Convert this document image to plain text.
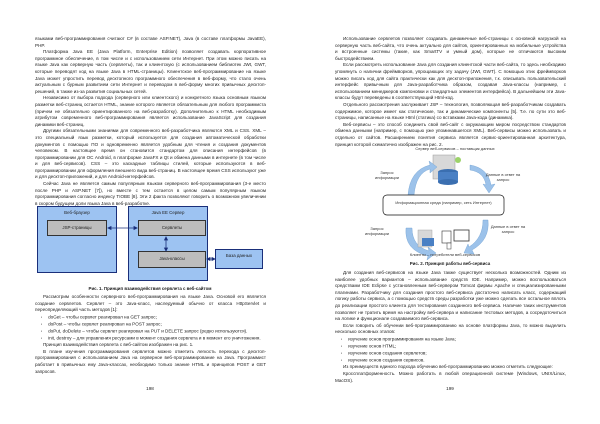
языками веб-программирования считают C# (в составе ASP.NET), Java (в составе платформы JavaEE), PHP.

Платформа Java EE (Java Platform, Enterprise Edition) позволяет создавать корпоративное программное обеспечение, в том числе и с использованием сети Интернет. При этом можно писать на языке Java как серверную часть (сервлеты), так и клиентскую (с использованием библиотек JWt, GWT, которые переводят код на языке Java в HTML-страницы). Клиентское веб-программирование на языке Java может упростить перевод десктопного программного обеспечения в веб-форму, что стало очень актуальным с бурным развитием сети Интернет и переводом в веб-форму многих привычных десктоп-решений, в также из-за развития социальных сетей.

Независимо от выбора подхода (серверного или клиентского) и конкретного языка основным языком разметки веб-страниц остается HTML, знание которого является обязательным для любого программиста (причем не обязательно ориентированного на веб-разработку). Дополнительно к HTML необходимым атрибутом современного веб-программирования является использование JavaScript для создания динамики веб-страниц.

Другими обязательными знаниями для современного веб-разработчика являются XML и CSS. XML – это специальный язык разметки, который используется для создания автоматической обработки документов с помощью ПО и одновременно является удобным для чтения и создания документов человеком. В настоящее время он становится стандартом для описания интерфейсов (в программировании для ОС Android, в платформе JavaFX и Qt и обмена данными в интернете (в том числе и для веб-сервисов). CSS – это каскадные таблицы стилей, которые используются в веб-программировании для оформления внешнего вида веб-страниц. В настоящее время CSS используют уже и для десктоп-приложений, и для Android-интерфейсов.

Сейчас Java не является самым популярным языком серверного веб-программирования (3-е место после PHP и ASP.NET [7]), но вместе с тем остается в целом самым популярным языком программирования согласно индексу TIOBE [8]. Эти 2 факта позволяют говорить о возможном увеличении в скором будущем доли языка Java в веб-разработке.

Веб-браузер
JSP-страницы
Java EE Сервер
Сервлеты
Java-классы
База данных
Рис. 1. Принцип взаимодействия сервлета с веб-сайтом

Рассмотрим особенности серверного веб-программирования на языке Java. Основой его является создание сервлетов. Сервлет – это Java-класс, наследуемый обычно от класса HttpServlet и переопределяющий часть методов [1]:

▪ doGet – чтобы сервлет реагировал на GET запрос;
▪ doPost – чтобы сервлет реагировал на POST запрос;
▪ doPut, doDelete – чтобы сервлет реагировал на PUT и DELETE запрос (редко используются).
▪ init, destroy – для управления ресурсами в момент создания сервлета и в момент его уничтожения.

Принцип взаимодействия сервлета с веб-сайтом изображен на рис. 1.

В плане изучения программирования сервлетов можно отметить легкость перехода с десктоп-программирования с использованием Java на серверное веб-программирование на Java. Программист работает в привычных ему Java-классах, необходимо только знание HTML и принципов POST и GET запросов.

198

Использование сервлетов позволяет создавать динамичные веб-страницы с основной нагрузкой на серверную часть веб-сайта, что очень актуально для сайтов, ориентированных на мобильные устройства и встроенные системы (такие, как SmartTV и умный дом), которые не отличаются высоким быстродействием.

Если рассмотреть использование Java для создания клиентской части веб-сайта, то здесь необходимо упомянуть о наличии фреймворков, упрощающих эту задачу (JWt, GWT). С помощью этих фреймворков можно писать код для сайта практически как для десктоп-приложения, т.к. описывать пользовательский интерфейс привычным для Java-разработчика образом, создавая Java-классы (например, с использованием менеджеров компоновки и стандартных элементов интерфейса). В дальнейшем эти Java-классы будут переведены в соответствующий Html-код.

Отдельного рассмотрения заслуживает JSP – технология, позволяющая веб-разработчикам создавать содержимое, которое имеет как статические, так и динамические компоненты [5]. Т.е. по сути это веб-страницы, написанные на языке Html (статика) со вставками Java-кода (динамика).

Веб-сервисы – это способ соединить свой веб-сайт с окружающим миром посредством стандартов обмена данными (например, с помощью уже упоминавшегося XML). Веб-сервисы можно использовать и отдельно от сайтов. Расширением понятия сервиса является сервис-ориентированная архитектура, принцип которой схематично изображен на рис. 2.

Сервер веб-сервисов – поставщик данных
Запрос информации
Данные в ответ на запрос
Информационная среда (например, сеть Интернет)
Запрос информации
Данные в ответ на запрос
Клиенты – потребители веб-сервисов
Рис. 2. Принцип работы веб-сервиса

Для создания веб-сервисов на языке Java также существует несколько возможностей. Одним из наиболее удобных вариантов – использование средств IDE. Например, можно воспользоваться средствами IDE Eclipse с установленным веб-сервером Tomcat фирмы Apache и специализированными плагинами. Разработчику для создания простого веб-сервиса достаточно написать класс, содержащий логику работы сервиса, а с помощью средств среды разработки уже можно сделать все остальное вплоть до реализации простого клиента для тестирования созданного веб-сервиса. Наличие таких инструментов позволяет не тратить время на настройку веб-сервера и написание тестовых методов, а сосредоточиться на логике и функционале создаваемого веб-сервиса.

Если говорить об обучении веб-программированию на основе платформы Java, то можно выделить несколько основных этапов:

▪ изучение основ программирования на языке Java;
▪ изучение основ HTML;
▪ изучение основ создания сервлетов;
▪ изучение основ создания сервисов.

Из преимуществ единого подхода обучению веб-программированию можно отметить следующие:

Кроссплатформенность. Можно работать в любой операционной системе (Windows, UNIX/Linux, MacOS).

199
